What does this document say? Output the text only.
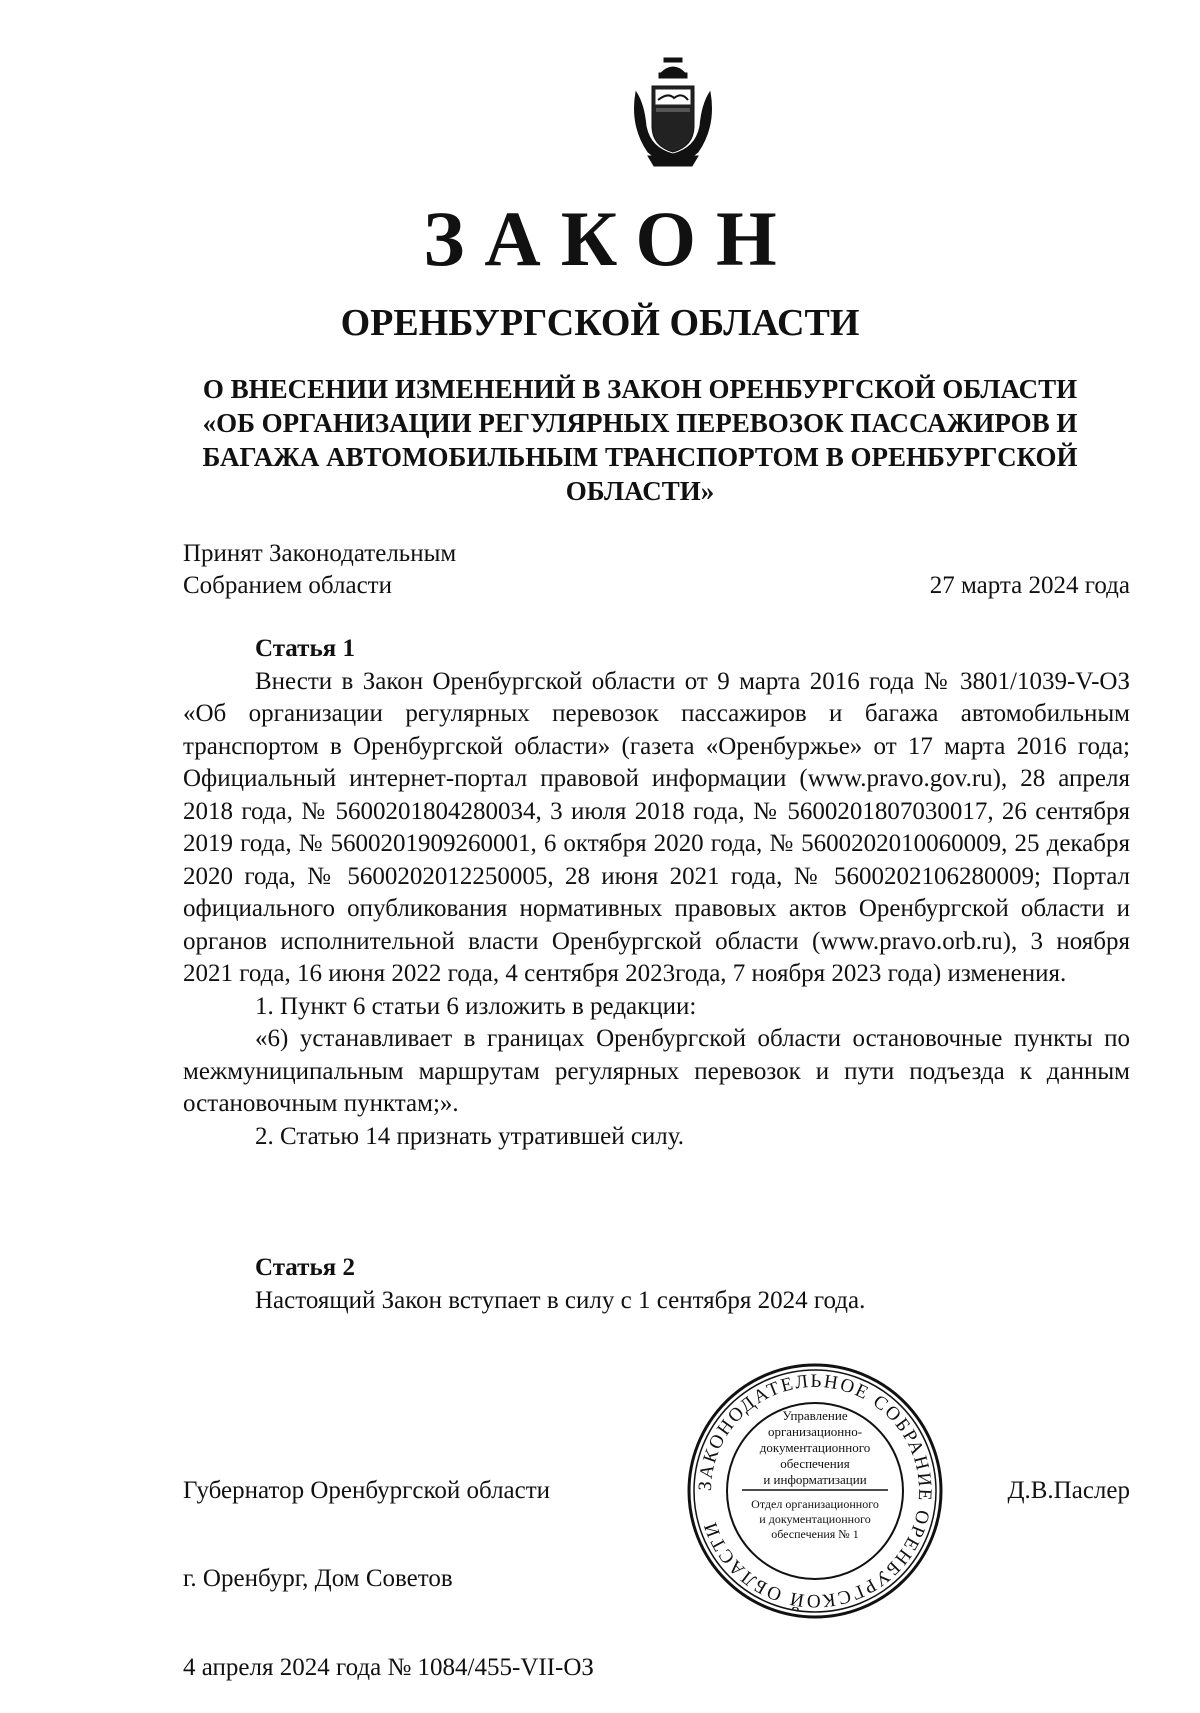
ЗАКОН
ОРЕНБУРГСКОЙ ОБЛАСТИ
О ВНЕСЕНИИ ИЗМЕНЕНИЙ В ЗАКОН ОРЕНБУРГСКОЙ ОБЛАСТИ «ОБ ОРГАНИЗАЦИИ РЕГУЛЯРНЫХ ПЕРЕВОЗОК ПАССАЖИРОВ И БАГАЖА АВТОМОБИЛЬНЫМ ТРАНСПОРТОМ В ОРЕНБУРГСКОЙ ОБЛАСТИ»
Принят Законодательным
Собранием области	27 марта 2024 года

Статья 1

Внести в Закон Оренбургской области от 9 марта 2016 года № 3801/1039-V-ОЗ «Об организации регулярных перевозок пассажиров и багажа автомобильным транспортом в Оренбургской области» (газета «Оренбуржье» от 17 марта 2016 года; Официальный интернет-портал правовой информации (www.pravo.gov.ru), 28 апреля 2018 года, № 5600201804280034, 3 июля 2018 года, № 5600201807030017, 26 сентября 2019 года, № 5600201909260001, 6 октября 2020 года, № 5600202010060009, 25 декабря 2020 года, № 5600202012250005, 28 июня 2021 года, № 5600202106280009; Портал официального опубликования нормативных правовых актов Оренбургской области и органов исполнительной власти Оренбургской области (www.pravo.orb.ru), 3 ноября 2021 года, 16 июня 2022 года, 4 сентября 2023года, 7 ноября 2023 года) изменения.

1. Пункт 6 статьи 6 изложить в редакции:

«6) устанавливает в границах Оренбургской области остановочные пункты по межмуниципальным маршрутам регулярных перевозок и пути подъезда к данным остановочным пунктам;».

2. Статью 14 признать утратившей силу.

Статья 2

Настоящий Закон вступает в силу с 1 сентября 2024 года.

Губернатор Оренбургской области	Д.В.Паслер
г. Оренбург, Дом Советов
4 апреля 2024 года № 1084/455-VII-ОЗ
ЗАКОНОДАТЕЛЬНОЕ СОБРАНИЕ ОРЕНБУРГСКОЙ ОБЛАСТИ
Управление
организационно-
документационного
обеспечения
и информатизации
Отдел организационного
и документационного
обеспечения № 1
